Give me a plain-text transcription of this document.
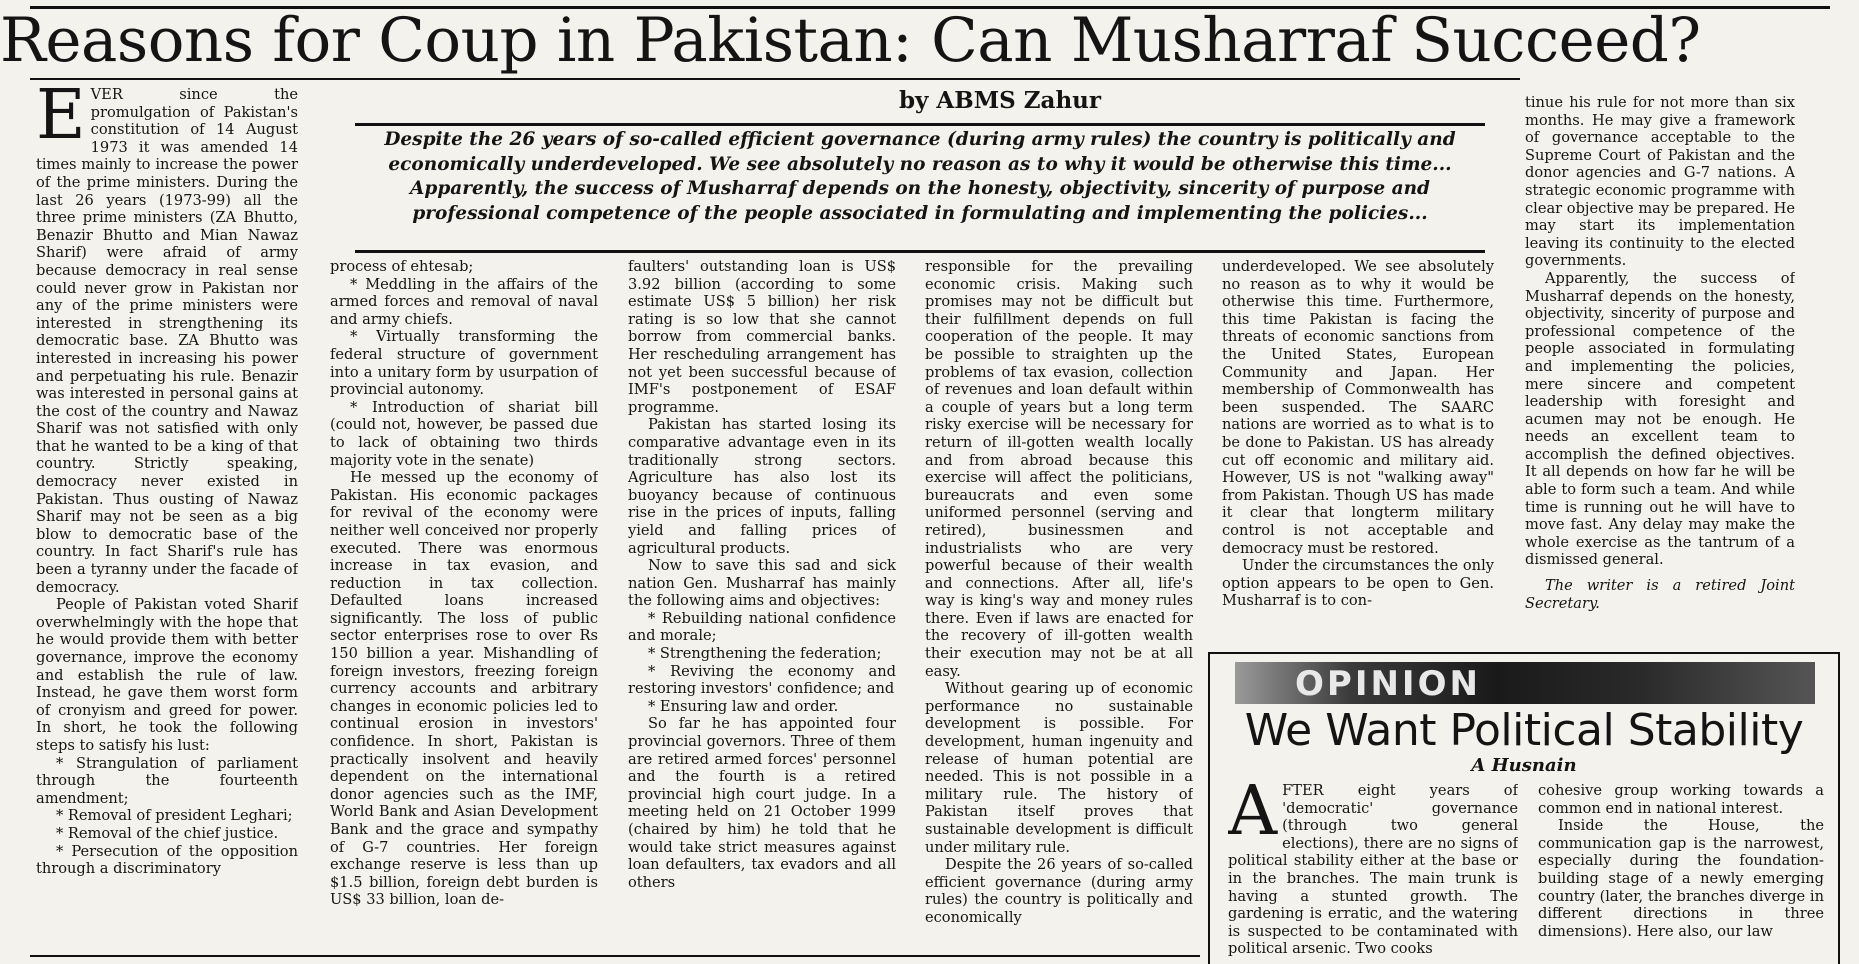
Reasons for Coup in Pakistan: Can Musharraf Succeed?
by ABMS Zahur
Despite the 26 years of so-called efficient governance (during army rules) the country is politically and economically underdeveloped. We see absolutely no reason as to why it would be otherwise this time... Apparently, the success of Musharraf depends on the honesty, objectivity, sincerity of purpose and professional competence of the people associated in formulating and implementing the policies...

EVER since the promulgation of Pakistan's constitution of 14 August 1973 it was amended 14 times mainly to increase the power of the prime ministers. During the last 26 years (1973-99) all the three prime ministers (ZA Bhutto, Benazir Bhutto and Mian Nawaz Sharif) were afraid of army because democracy in real sense could never grow in Pakistan nor any of the prime ministers were interested in strengthening its democratic base. ZA Bhutto was interested in increasing his power and perpetuating his rule. Benazir was interested in personal gains at the cost of the country and Nawaz Sharif was not satisfied with only that he wanted to be a king of that country. Strictly speaking, democracy never existed in Pakistan. Thus ousting of Nawaz Sharif may not be seen as a big blow to democratic base of the country. In fact Sharif's rule has been a tyranny under the facade of democracy.

People of Pakistan voted Sharif overwhelmingly with the hope that he would provide them with better governance, improve the economy and establish the rule of law. Instead, he gave them worst form of cronyism and greed for power. In short, he took the following steps to satisfy his lust:

* Strangulation of parliament through the fourteenth amendment;

* Removal of president Leghari;

* Removal of the chief justice.

* Persecution of the opposition through a discriminatory

process of ehtesab;

* Meddling in the affairs of the armed forces and removal of naval and army chiefs.

* Virtually transforming the federal structure of government into a unitary form by usurpation of provincial autonomy.

* Introduction of shariat bill (could not, however, be passed due to lack of obtaining two thirds majority vote in the senate)

He messed up the economy of Pakistan. His economic packages for revival of the economy were neither well conceived nor properly executed. There was enormous increase in tax evasion, and reduction in tax collection. Defaulted loans increased significantly. The loss of public sector enterprises rose to over Rs 150 billion a year. Mishandling of foreign investors, freezing foreign currency accounts and arbitrary changes in economic policies led to continual erosion in investors' confidence. In short, Pakistan is practically insolvent and heavily dependent on the international donor agencies such as the IMF, World Bank and Asian Development Bank and the grace and sympathy of G-7 countries. Her foreign exchange reserve is less than up $1.5 billion, foreign debt burden is US$ 33 billion, loan de-

faulters' outstanding loan is US$ 3.92 billion (according to some estimate US$ 5 billion) her risk rating is so low that she cannot borrow from commercial banks. Her rescheduling arrangement has not yet been successful because of IMF's postponement of ESAF programme.

Pakistan has started losing its comparative advantage even in its traditionally strong sectors. Agriculture has also lost its buoyancy because of continuous rise in the prices of inputs, falling yield and falling prices of agricultural products.

Now to save this sad and sick nation Gen. Musharraf has mainly the following aims and objectives:

* Rebuilding national confidence and morale;

* Strengthening the federation;

* Reviving the economy and restoring investors' confidence; and

* Ensuring law and order.

So far he has appointed four provincial governors. Three of them are retired armed forces' personnel and the fourth is a retired provincial high court judge. In a meeting held on 21 October 1999 (chaired by him) he told that he would take strict measures against loan defaulters, tax evadors and all others

responsible for the prevailing economic crisis. Making such promises may not be difficult but their fulfillment depends on full cooperation of the people. It may be possible to straighten up the problems of tax evasion, collection of revenues and loan default within a couple of years but a long term risky exercise will be necessary for return of ill-gotten wealth locally and from abroad because this exercise will affect the politicians, bureaucrats and even some uniformed personnel (serving and retired), businessmen and industrialists who are very powerful because of their wealth and connections. After all, life's way is king's way and money rules there. Even if laws are enacted for the recovery of ill-gotten wealth their execution may not be at all easy.

Without gearing up of economic performance no sustainable development is possible. For development, human ingenuity and release of human potential are needed. This is not possible in a military rule. The history of Pakistan itself proves that sustainable development is difficult under military rule.

Despite the 26 years of so-called efficient governance (during army rules) the country is politically and economically

underdeveloped. We see absolutely no reason as to why it would be otherwise this time. Furthermore, this time Pakistan is facing the threats of economic sanctions from the United States, European Community and Japan. Her membership of Commonwealth has been suspended. The SAARC nations are worried as to what is to be done to Pakistan. US has already cut off economic and military aid. However, US is not "walking away" from Pakistan. Though US has made it clear that longterm military control is not acceptable and democracy must be restored.

Under the circumstances the only option appears to be open to Gen. Musharraf is to con-

tinue his rule for not more than six months. He may give a framework of governance acceptable to the Supreme Court of Pakistan and the donor agencies and G-7 nations. A strategic economic programme with clear objective may be prepared. He may start its implementation leaving its continuity to the elected governments.

Apparently, the success of Musharraf depends on the honesty, objectivity, sincerity of purpose and professional competence of the people associated in formulating and implementing the policies, mere sincere and competent leadership with foresight and acumen may not be enough. He needs an excellent team to accomplish the defined objectives. It all depends on how far he will be able to form such a team. And while time is running out he will have to move fast. Any delay may make the whole exercise as the tantrum of a dismissed general.

The writer is a retired Joint Secretary.

OPINION
We Want Political Stability
A Husnain

AFTER eight years of 'democratic' governance (through two general elections), there are no signs of political stability either at the base or in the branches. The main trunk is having a stunted growth. The gardening is erratic, and the watering is suspected to be contaminated with political arsenic. Two cooks

cohesive group working towards a common end in national interest.

Inside the House, the communication gap is the narrowest, especially during the foundation-building stage of a newly emerging country (later, the branches diverge in different directions in three dimensions). Here also, our law
